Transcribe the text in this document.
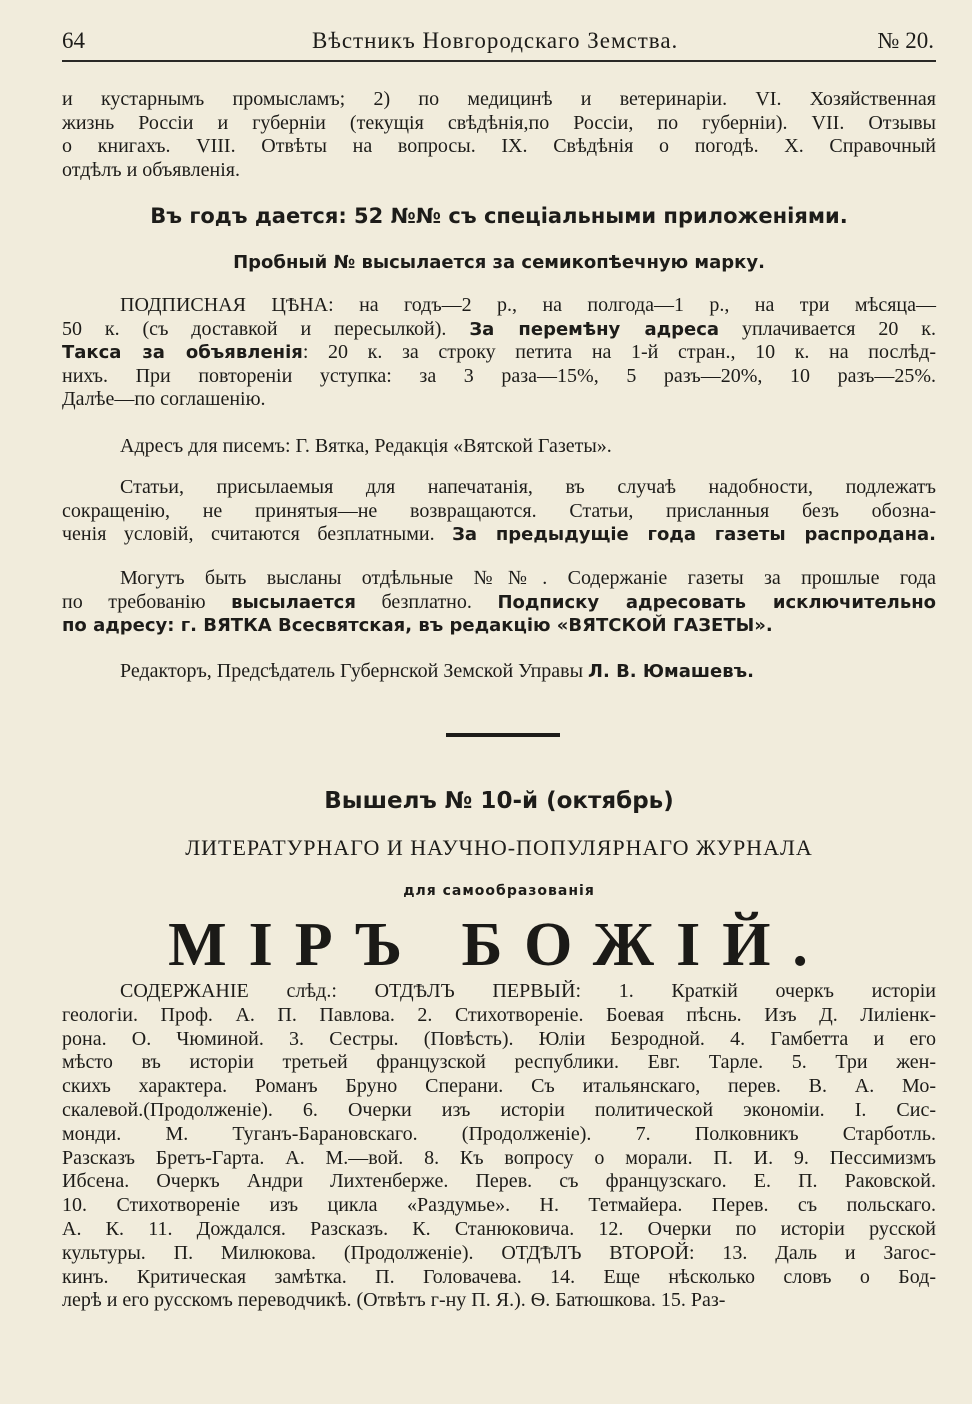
64	Вѣстникъ Новгородскаго Земства.	№ 20.
и кустарнымъ промысламъ; 2) по медицинѣ и ветеринаріи. VI. Хозяйственная
жизнь Россіи и губерніи (текущія свѣдѣнія,по Россіи, по губерніи). VII. Отзывы
о книгахъ. VIII. Отвѣты на вопросы. IX. Свѣдѣнія о погодѣ. X. Справочный
отдѣлъ и объявленія.
Въ годъ дается: 52 №№ съ спеціальными приложеніями.
Пробный № высылается за семикопѣечную марку.
ПОДПИСНАЯ ЦѢНА: на годъ—2 р., на полгода—1 р., на три мѣсяца—
50 к. (съ доставкой и пересылкой). За перемѣну адреса уплачивается 20 к.
Такса за объявленія: 20 к. за строку петита на 1-й стран., 10 к. на послѣд-
нихъ. При повтореніи уступка: за 3 раза—15%, 5 разъ—20%, 10 разъ—25%.
Далѣе—по соглашенію.
Адресъ для писемъ: Г. Вятка, Редакція «Вятской Газеты».
Статьи, присылаемыя для напечатанія, въ случаѣ надобности, подлежатъ
сокращенію, не принятыя—не возвращаются. Статьи, присланныя безъ обозна-
ченія условій, считаются безплатными. За предыдущіе года газеты распродана.
Могутъ быть высланы отдѣльные №№. Содержаніе газеты за прошлые года
по требованію высылается безплатно. Подписку адресовать исключительно
по адресу: г. ВЯТКА Всесвятская, въ редакцію «ВЯТСКОЙ ГАЗЕТЫ».
Редакторъ, Предсѣдатель Губернской Земской Управы Л. В. Юмашевъ.
Вышелъ № 10-й (октябрь)
ЛИТЕРАТУРНАГО И НАУЧНО-ПОПУЛЯРНАГО ЖУРНАЛА
для самообразованія
МІРЪ БОЖІЙ.
СОДЕРЖАНІЕ слѣд.: ОТДѢЛЪ ПЕРВЫЙ: 1. Краткій очеркъ исторіи
геологіи. Проф. А. П. Павлова. 2. Стихотвореніе. Боевая пѣснь. Изъ Д. Лиліенк-
рона. О. Чюминой. 3. Сестры. (Повѣсть). Юліи Безродной. 4. Гамбетта и его
мѣсто въ исторіи третьей французской республики. Евг. Тарле. 5. Три жен-
скихъ характера. Романъ Бруно Сперани. Съ итальянскаго, перев. В. А. Мо-
скалевой.(Продолженіе). 6. Очерки изъ исторіи политической экономіи. I. Сис-
монди. М. Туганъ-Барановскаго. (Продолженіе). 7. Полковникъ Старботль.
Разсказъ Бретъ-Гарта. А. М.—вой. 8. Къ вопросу о морали. П. И. 9. Пессимизмъ
Ибсена. Очеркъ Андри Лихтенберже. Перев. съ французскаго. Е. П. Раковской.
10. Стихотвореніе изъ цикла «Раздумье». Н. Тетмайера. Перев. съ польскаго.
А. К. 11. Дождался. Разсказъ. К. Станюковича. 12. Очерки по исторіи русской
культуры. П. Милюкова. (Продолженіе). ОТДѢЛЪ ВТОРОЙ: 13. Даль и Загос-
кинъ. Критическая замѣтка. П. Головачева. 14. Еще нѣсколько словъ о Бод-
лерѣ и его русскомъ переводчикѣ. (Отвѣтъ г-ну П. Я.). Ѳ. Батюшкова. 15. Раз-
